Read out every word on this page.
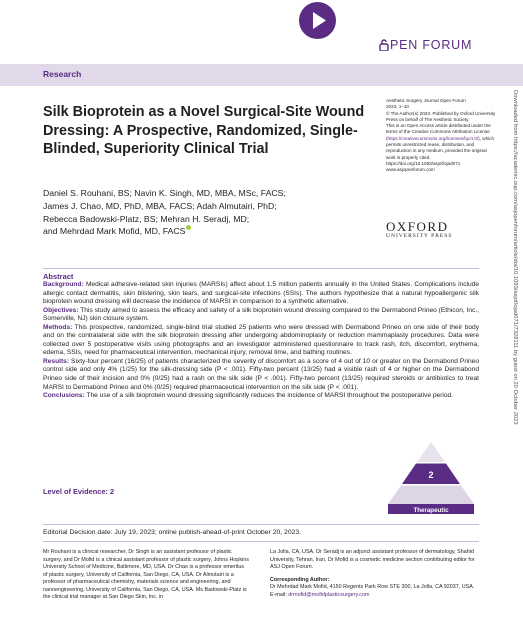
PEN FORUM
Research
Silk Bioprotein as a Novel Surgical-Site Wound Dressing: A Prospective, Randomized, Single-Blinded, Superiority Clinical Trial

Aesthetic Surgery Journal Open Forum

2023, 1–10

© The Author(s) 2023. Published by Oxford University Press on behalf of The Aesthetic Society.

This is an Open Access article distributed under the terms of the Creative Commons Attribution License (https://creativecommons.org/licenses/by/4.0/), which permits unrestricted reuse, distribution, and reproduction in any medium, provided the original work is properly cited.

https://doi.org/10.1093/asjof/ojad071

www.asjopenforum.com

OXFORD
UNIVERSITY PRESS	Downloaded from https://academic.oup.com/asjopenforum/article/doi/10.1093/asjof/ojad071/7328111 by guest on 20 October 2023
Daniel S. Rouhani, BS; Navin K. Singh, MD, MBA, MSc, FACS;
James J. Chao, MD, PhD, MBA, FACS; Adah Almutairi, PhD;
Rebecca Badowski-Platz, BS; Mehran H. Seradj, MD;
and Mehrdad Mark Mofid, MD, FACS
Abstract

Background: Medical adhesive-related skin injuries (MARSIs) affect about 1.5 million patients annually in the United States. Complications include allergic contact dermatitis, skin blistering, skin tears, and surgical-site infections (SSIs). The authors hypothesize that a natural hypoallergenic silk bioprotein wound dressing will decrease the incidence of MARSI in comparison to a synthetic alternative.

Objectives: This study aimed to assess the efficacy and safety of a silk bioprotein wound dressing compared to the Dermabond Prineo (Ethicon, Inc., Somerville, NJ) skin closure system.

Methods: This prospective, randomized, single-blind trial studied 25 patients who were dressed with Dermabond Prineo on one side of their body and on the contralateral side with the silk bioprotein dressing after undergoing abdominoplasty or reduction mammaplasty procedures. Data were collected over 5 postoperative visits using photographs and an investigator administered questionnaire to track rash, itch, discomfort, erythema, edema, SSIs, need for pharmaceutical intervention, mechanical injury, removal time, and bathing routines.

Results: Sixty-four percent (16/25) of patients characterized the severity of discomfort as a score of 4 out of 10 or greater on the Dermabond Prineo control side and only 4% (1/25) for the silk-dressing side (P < .001). Fifty-two percent (13/25) had a visible rash of 4 or higher on the Dermabond Prineo side of their incision and 0% (0/25) had a rash on the silk side (P < .001). Fifty-two percent (13/25) required steroids or antibiotics to treat MARSI to Dermabond Prineo and 0% (0/25) required pharmaceutical intervention on the silk side (P < .001).

Conclusions: The use of a silk bioprotein wound dressing significantly reduces the incidence of MARSI throughout the postoperative period.

Level of Evidence: 2
2
Therapeutic
Editorial Decision date: July 19, 2023; online publish-ahead-of-print October 20, 2023.
Mr Rouhani is a clinical researcher, Dr Singh is an assistant professor of plastic surgery, and Dr Mofid is a clinical assistant professor of plastic surgery, Johns Hopkins University School of Medicine, Baltimore, MD, USA. Dr Chao is a professor emeritus of plastic surgery, University of California, San Diego, CA, USA. Dr Almutairi is a professor of pharmaceutical chemistry, materials science and engineering, and nanoengineering, University of California, San Diego, CA, USA. Ms Badowski-Platz is the clinical trial manager at San Diego Skin, Inc. in
La Jolla, CA, USA. Dr Seradj is an adjunct assistant professor of dermatology, Shahid University, Tehran, Iran. Dr Mofid is a cosmetic medicine section contributing editor for ASJ Open Forum.
Corresponding Author:
Dr Mehrdad Mark Mofid, 4150 Regents Park Row STE 300, La Jolla, CA 92037, USA.
E-mail: drmofid@mofidplasticsurgery.com
